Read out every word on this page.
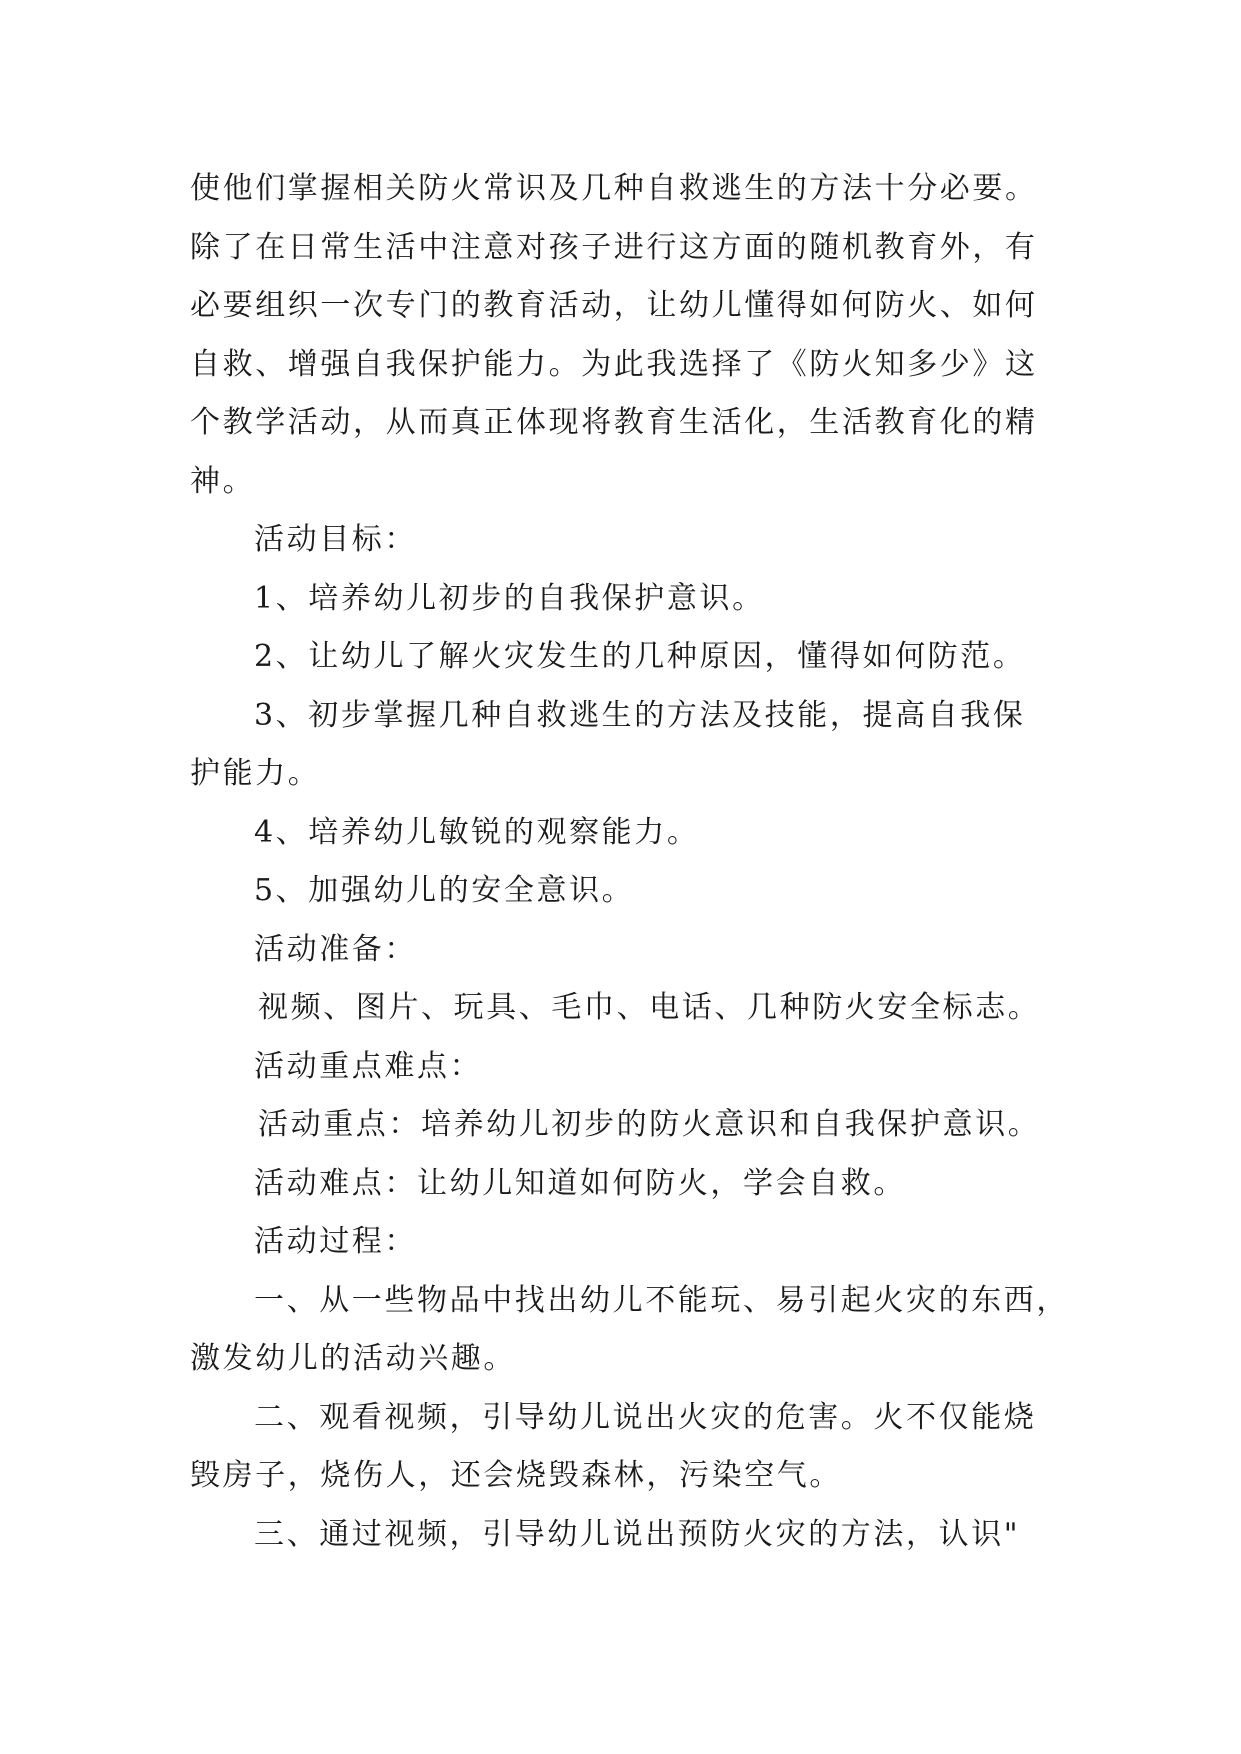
使他们掌握相关防火常识及几种自救逃生的方法十分必要。
除了在日常生活中注意对孩子进行这方面的随机教育外，有
必要组织一次专门的教育活动，让幼儿懂得如何防火、如何
自救、增强自我保护能力。为此我选择了《防火知多少》这
个教学活动，从而真正体现将教育生活化，生活教育化的精
神。
活动目标：
1、培养幼儿初步的自我保护意识。
2、让幼儿了解火灾发生的几种原因，懂得如何防范。
3、初步掌握几种自救逃生的方法及技能，提高自我保
护能力。
4、培养幼儿敏锐的观察能力。
5、加强幼儿的安全意识。
活动准备：
视频、图片、玩具、毛巾、电话、几种防火安全标志。
活动重点难点：
活动重点：培养幼儿初步的防火意识和自我保护意识。
活动难点：让幼儿知道如何防火，学会自救。
活动过程：
一、从一些物品中找出幼儿不能玩、易引起火灾的东西，
激发幼儿的活动兴趣。
二、观看视频，引导幼儿说出火灾的危害。火不仅能烧
毁房子，烧伤人，还会烧毁森林，污染空气。
三、通过视频，引导幼儿说出预防火灾的方法，认识"
